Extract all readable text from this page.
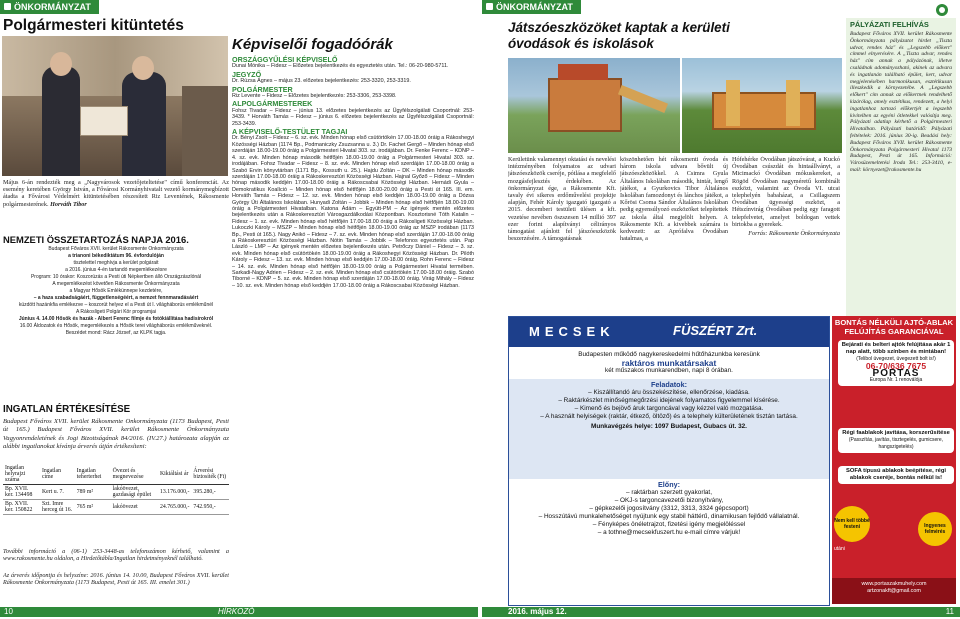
ÖNKORMÁNYZAT
Polgármesteri kitüntetés
Május 6-án rendezték meg a „Nagyvárosok vezetőjeteltetése" című konferenciát. Az esemény keretében György István, a Fővárosi Kormányhivatalt vezető kormánymegbízott átadta a Fővárosi Védelmért kitüntetésében részesített Riz Leventének, Rákosmente polgármesterének. Horváth Tibor
NEMZETI ÖSSZETARTOZÁS NAPJA 2016.
Budapest Főváros XVII. kerület Rákosmente Önkormányzata
a trianoni békediktátum 96. évfordulóján
tisztelettel meghívja a kerület polgárait
a 2016. június 4-én tartandó megemlékezésre
Program: 10 órakor: Koszorúzás a Pesti úti Népkertben álló Országzászlónál
A megemlékezést követően Rákosmente Önkormányzata
a Magyar Hősök Emlékünnepe kezdetére,
– a haza szabadságáért, függetlenségéért, a nemzet fennmaradásáért
küzdött hazánkfia emlékezve – koszorút helyez el a Pesti út I. világháborús emlékműnél
A Rákosligeti Polgári Kör programjai
Június 4. 14.00 Hősök és hazák - Albert Ferenc filmje és fotókiállítása hadisírokról
16.00 Áldozatok és Hősök, megemlékezés a Hősök terei világháborús emlékműveknél.
Beszédet mond: Rácz József, az KLPK tagja.
INGATLAN ÉRTÉKESÍTÉSE
Budapest Főváros XVII. kerület Rákosmente Önkormányzata (1173 Budapest, Pesti út 165.) Budapest Főváros XVII. kerület Rákosmente Önkormányzata Vagyonrendeletének és Jogi Bizottságának 84/2016. (IV.27.) határozata alapján az alábbi ingatlanokat kívánja árverés útján értékesíteni:
Ingatlan helyrajzi száma	Ingatlan címe	Ingatlan teherterhei	Övezet és megnevezése	Kikiáltási ár	Árverési biztosíték (Ft)
Bp. XVII. ker. 134498	Kert u. 7.	789 m²	lakóövezet, gazdasági épület	13.176.000,-	395.280,-
Bp. XVII. ker. 150822	Szt. Imre herceg út 16.	765 m²	lakóövezet	24.765.000,-	742.950,-
További információ a (06-1) 253-3448-as telefonszámon kérhető, valamint a www.rakosmente.hu oldalon, a Hirdetőtábla/Ingatlan hirdetményeknél található.
Az árverés időpontja és helyszíne: 2016. június 14. 10.00, Budapest Főváros XVII. kerület Rákosmente Önkormányzata (1173 Budapest, Pesti út 165. III. emelet 301.)
Képviselői fogadóórák
ORSZÁGGYŰLÉSI KÉPVISELŐ
Dunai Mónika – Fidesz – Előzetes bejelentkezés és egyeztetés után. Tel.: 06-20-980-5711.
JEGYZŐ
Dr. Rúzsa Ágnes – május 23. előzetes bejelentkezés: 253-3320, 253-3319.
POLGÁRMESTER
Riz Levente – Fidesz – Előzetes bejelentkezés: 253-3306, 253-3398.
ALPOLGÁRMESTEREK
Fohsz Tivadar – Fidesz – június 13. előzetes bejelentkezés az Ügyfélszolgálati Csoportnál: 253-3439. * Horváth Tamás – Fidesz – június 6. előzetes bejelentkezés az Ügyfélszolgálati Csoportnál: 253-3439.
A KÉPVISELŐ-TESTÜLET TAGJAI
Dr. Bényi Zsolt – Fidesz – 6. sz. evk. Minden hónap első csütörtökén 17.00-18.00 óráig a Rákoshegyi Közösségi Házban (1174 Bp., Podmaniczky Zsuzsanna u. 3.) Dr. Fachet Gergő – Minden hónap első szerdáján 18.00-19.00 óráig a Polgármesteri Hivatal 303. sz. irodájában. Dr. Fenke Ferenc – KDNP – 4. sz. evk. Minden hónap második hétfőjén 18.00-19.00 óráig a Polgármesteri Hivatal 303. sz. irodájában. Fohsz Tivadar – Fidesz – 8. sz. evk. Minden hónap első szerdáján 17.00-18.00 óráig a Szabó Ervin könyvtárban (1171 Bp., Kossuth u. 25.). Hajdu Zoltán – DK – Minden hónap második szerdáján 17.00-18.00 óráig a Rákoskeresztúri Közösségi Házban. Hajnal Győző – Fidesz – Minden hónap második keddjén 17.00-18.00 óráig a Rákoscsabai Közösségi Házban. Hernádi Gyula – Demokratikus Koalíció – Minden hónap első hétfőjén 18.00-20.00 óráig a Pesti út 165. III. em. Horváth Tamás – Fidesz – 12. sz. evk. Minden hónap első keddjén 18.00-19.00 óráig a Dózsa György Úti Általános Iskolában. Hunyadi Zoltán – Jobbik – Minden hónap első hétfőjén 18.00-19.00 óráig a Polgármesteri Hivatalban. Katona Ádám – Együtt-PM – Az igények mentén előzetes bejelentkezés után a Rákoskeresztúri Városgazdálkodási Központban. Kosztorisné Tóth Katalin – Fidesz – 1. sz. evk. Minden hónap első hétfőjén 17.00-18.00 óráig a Rákosligeti Közösségi Házban. Lukoczki Károly – MSZP – Minden hónap első hétfőjén 18.00-19.00 óráig az MSZP irodában (1173 Bp., Pesti út 165.). Nagy Anikó – Fidesz – 7. sz. evk. Minden hónap első szerdáján 17.00-18.00 óráig a Rákoskeresztúri Közösségi Házban. Nótin Tamás – Jobbik – Telefonos egyeztetés után. Pap László – LMP – Az igények mentén előzetes bejelentkezés után. Petrőczy Dániel – Fidesz – 3. sz. evk. Minden hónap első csütörtökén 18.00-19.00 óráig a Rákoshegyi Közösségi Házban. Dr. Pilóth Károly – Fidesz – 13. sz. evk. Minden hónap első keddjén 17.00-18.00 óráig. Rohn Ferenc – Fidesz – 14. sz. evk. Minden hónap első hétfőjén 18.00-19.00 óráig a Polgármesteri Hivatal termében. Sarkadi-Nagy Adrien – Fidesz – 2. sz. evk. Minden hónap első csütörtökén 17.00-18.00 óráig. Szabó Tiborné – KDNP – 5. sz. evk. Minden hónap első szerdáján 17.00-18.00 óráig. Virág Mihály – Fidesz – 10. sz. evk. Minden hónap első keddjén 17.00-18.00 óráig a Rákoscsabai Közösségi Házban.
10	HÍRKOZÓ
ÖNKORMÁNYZAT
Játszóeszközöket kaptak a kerületi óvodások és iskolások
Kerületünk valamennyi oktatási és nevelési intézményében folyamatos az udvari játszóeszközök cseréje, pótlása a megfelelő mozgásfejlesztés érdekében. Az önkormányzat ége, a Rákosmente Kft. tavaly évi sikeres erdőművelési projektje alapján, Fehér Károly igazgató igazgató a 2015. decemberi testületi ülésen a kft. vezetése nevében öszszesen 14 millió 397 ezer forint alapítványi célirányos támogatást ajánlott fel játszóeszközök beszerzésére. A támogatásnak
köszönhetően hét rákosmenti óvoda és három iskola udvara bővült új játszóeszközökkel. A Csimra Gyula Általános Iskolában második, hintát, lengő játékot, a Gyurkovics Tibor Általános Iskolában famozdonyt és lánchos játékot, a Kőrösi Csoma Sándor Általános Iskolában pedig egyensúlyozó eszközöket telepítettek az iskola által megjelölt helyen. A Rákosmente Kft. a kivebbek számára is kedvezett: az Aprófalva Óvodában hatalmas, a
Hófehérke Óvodában játszóvárat, a Kuckó Óvodában csúszdát és hintaállványt, a Micimackó Óvodában mókuskereket, a Rögöd Óvodában nagyméretű kombinált eszközt, valamint az Óvoda VI. utcai telephelyén babaházat, a Csillagszem Óvodában ügyességi eszközt, a Hétszínvirág Óvodában pedig egy faragott telepfelvetet, amelyet boldogan vettek birtokba a gyerekek.
Forrás: Rákosmente Önkormányzata
PÁLYÁZATI FELHÍVÁS
Budapest Főváros XVII. kerület Rákosmente Önkormányzata pályázatot hirdet „Tiszta udvar, rendes ház" és „Legszebb előkert" címmel elnyerésére. A „Tiszta udvar, rendes ház" cím annak a pályázónak, illetve családnak adományozható, akinek az udvara és ingatlanán található épület, kert, udvar megjelenésében harmonikusan, esztétikusan illeszkedik a környezetébe. A „Legszebb előkert" cím annak az előkertnek rendelhető kizárólag, amely esztétikus, rendezett, a helyi ingatlanhoz tartozó előkertjét a legszebb kivitelben az egyéni ötletekkel valósítja meg. Pályázati adatlap kérhető a Polgármesteri Hivatalban. Pályázati határidő: Pályázati feltételek: 2016. június 30-ig. Beadási hely: Budapest Főváros XVII. kerület Rákosmente Önkormányzata Polgármesteri Hivatal 1173 Budapest, Pesti út 165. Információ: Városüzemeltetési Iroda Tel.: 253-3410, e-mail: környezet@rakosmente.hu
MECSEK	FÜSZÉRT Zrt.
Budapesten működő nagykereskedelmi hűtőházunkba keresünk
raktáros munkatársakat
két műszakos munkarendben, napi 8 órában.
Feladatok:
– Kiszállítandó áru összekészítése, ellenőrzése, kiadása.
– Raktárkészlet minőségmegőrzési idejének folyamatos figyelemmel kísérése.
– Kimenő és bejövő áruk targoncával vagy kézzel való mozgatása.
– A használt helyiségek (raktár, étkező, öltöző) és a telephely külterületének tisztán tartása.
Munkavégzés helye: 1097 Budapest, Gubacs út. 32.
Előny:
– raktárban szerzett gyakorlat,
– OKJ-s targoncavezetői bizonyítvány,
– gépkezelői jogosítvány (3312, 3313, 3324 gépcsoport)
– Hosszútávú munkalehetőséget nyújtunk egy stabil háttérű, dinamikusan fejlődő vállalatnál.
– Fényképes önéletrajzot, fizetési igény megjelöléssel
– a tothne@mecsekfuszert.hu e-mail címre várjuk!
BONTÁS NÉLKÜLI AJTÓ-ABLAK FELÚJÍTÁS GARANCIÁVAL
Bejárati és belteri ajtók felújítása akár 1 nap alatt, több színben és mintában!
(Telibol üvegezet, üvegezett bolt is!)
06-70/636 7675
PORTAS
Europa Nr. 1 renoválója
Régi faablakok javítása, korszerűsítése
(Passzítás, javítás, tisztegelés, gumicsere, hangszigetelés)
SOFA típusú ablakok beépítése, régi ablakok cseréje, bontás nélkül is!
Nem kell többé festeni
utáni
Ingyenes felmérés
www.portaszakmuhely.com
artzonakft@gmail.com
2016. május 12.	11
